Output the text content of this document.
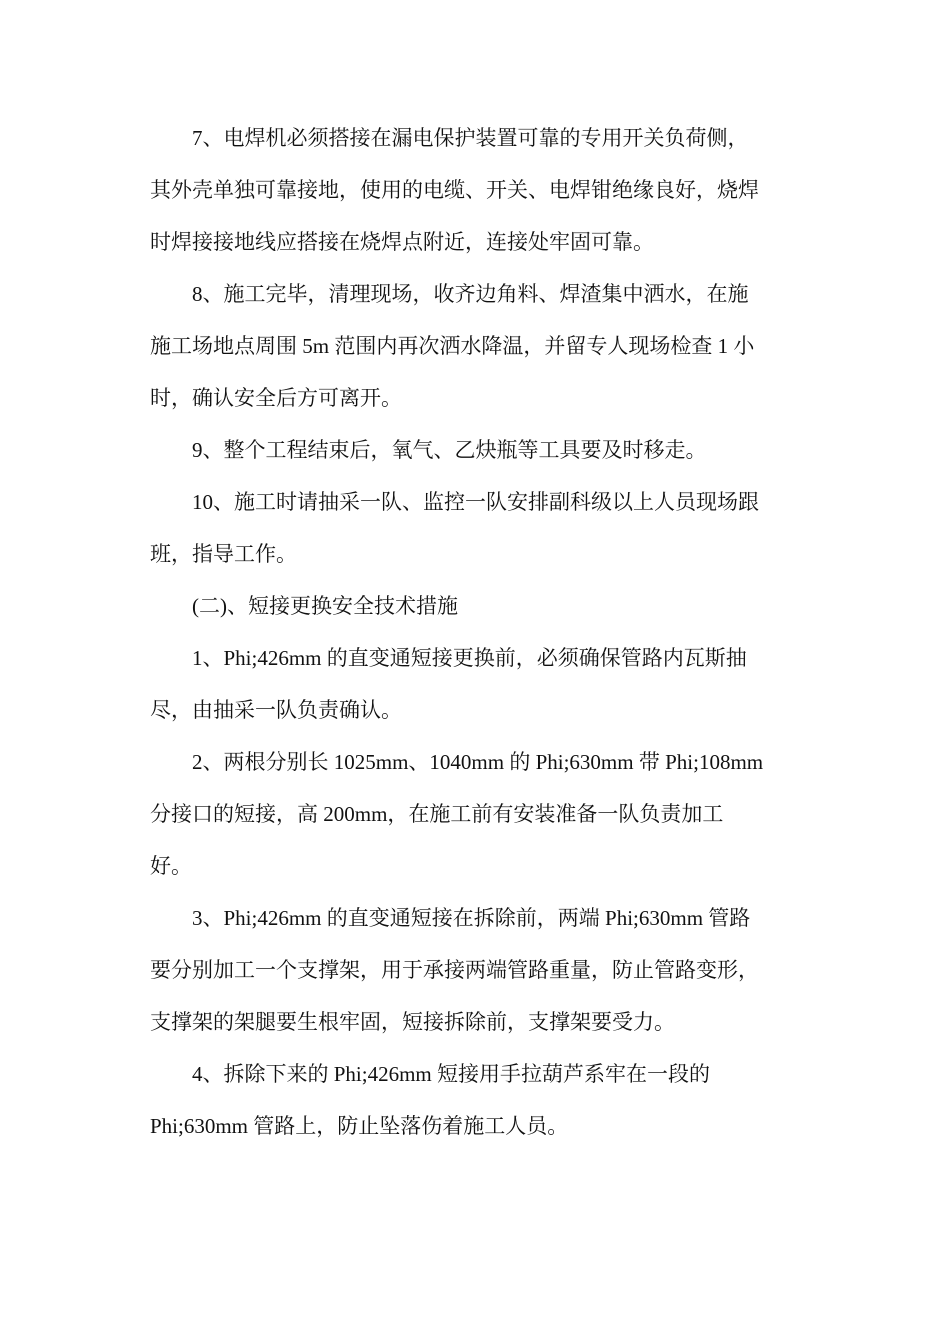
7、电焊机必须搭接在漏电保护装置可靠的专用开关负荷侧，
其外壳单独可靠接地，使用的电缆、开关、电焊钳绝缘良好，烧焊
时焊接接地线应搭接在烧焊点附近，连接处牢固可靠。
8、施工完毕，清理现场，收齐边角料、焊渣集中洒水，在施
施工场地点周围 5m 范围内再次洒水降温，并留专人现场检查 1 小
时，确认安全后方可离开。
9、整个工程结束后，氧气、乙炔瓶等工具要及时移走。
10、施工时请抽采一队、监控一队安排副科级以上人员现场跟
班，指导工作。
(二)、短接更换安全技术措施
1、Phi;426mm 的直变通短接更换前，必须确保管路内瓦斯抽
尽，由抽采一队负责确认。
2、两根分别长 1025mm、1040mm 的 Phi;630mm 带 Phi;108mm
分接口的短接，高 200mm，在施工前有安装准备一队负责加工
好。
3、Phi;426mm 的直变通短接在拆除前，两端 Phi;630mm 管路
要分别加工一个支撑架，用于承接两端管路重量，防止管路变形，
支撑架的架腿要生根牢固，短接拆除前，支撑架要受力。
4、拆除下来的 Phi;426mm 短接用手拉葫芦系牢在一段的
Phi;630mm 管路上，防止坠落伤着施工人员。
